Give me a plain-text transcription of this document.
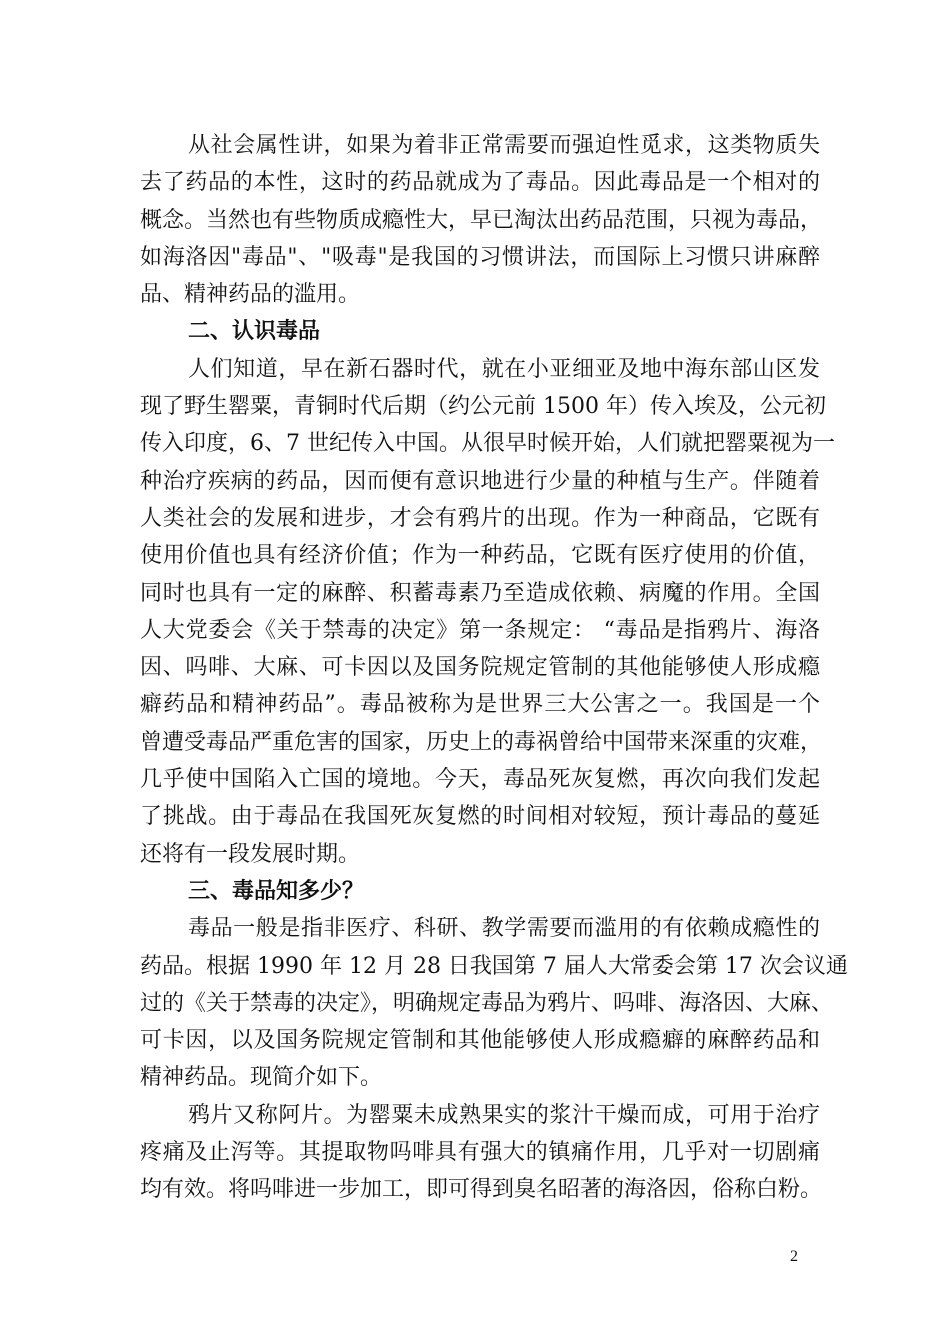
从社会属性讲，如果为着非正常需要而强迫性觅求，这类物质失
去了药品的本性，这时的药品就成为了毒品。因此毒品是一个相对的
概念。当然也有些物质成瘾性大，早已淘汰出药品范围，只视为毒品，
如海洛因"毒品"、"吸毒"是我国的习惯讲法，而国际上习惯只讲麻醉
品、精神药品的滥用。
二、认识毒品
人们知道，早在新石器时代，就在小亚细亚及地中海东部山区发
现了野生罂粟，青铜时代后期（约公元前 1500 年）传入埃及，公元初
传入印度，6、7 世纪传入中国。从很早时候开始，人们就把罂粟视为一
种治疗疾病的药品，因而便有意识地进行少量的种植与生产。伴随着
人类社会的发展和进步，才会有鸦片的出现。作为一种商品，它既有
使用价值也具有经济价值；作为一种药品，它既有医疗使用的价值，
同时也具有一定的麻醉、积蓄毒素乃至造成依赖、病魔的作用。全国
人大党委会《关于禁毒的决定》第一条规定： “毒品是指鸦片、海洛
因、吗啡、大麻、可卡因以及国务院规定管制的其他能够使人形成瘾
癖药品和精神药品”。毒品被称为是世界三大公害之一。我国是一个
曾遭受毒品严重危害的国家，历史上的毒祸曾给中国带来深重的灾难，
几乎使中国陷入亡国的境地。今天，毒品死灰复燃，再次向我们发起
了挑战。由于毒品在我国死灰复燃的时间相对较短，预计毒品的蔓延
还将有一段发展时期。
三、毒品知多少？
毒品一般是指非医疗、科研、教学需要而滥用的有依赖成瘾性的
药品。根据 1990 年 12 月 28 日我国第 7 届人大常委会第 17 次会议通
过的《关于禁毒的决定》，明确规定毒品为鸦片、吗啡、海洛因、大麻、
可卡因，以及国务院规定管制和其他能够使人形成瘾癖的麻醉药品和
精神药品。现简介如下。
鸦片又称阿片。为罂粟未成熟果实的浆汁干燥而成，可用于治疗
疼痛及止泻等。其提取物吗啡具有强大的镇痛作用，几乎对一切剧痛
均有效。将吗啡进一步加工，即可得到臭名昭著的海洛因，俗称白粉。
2
